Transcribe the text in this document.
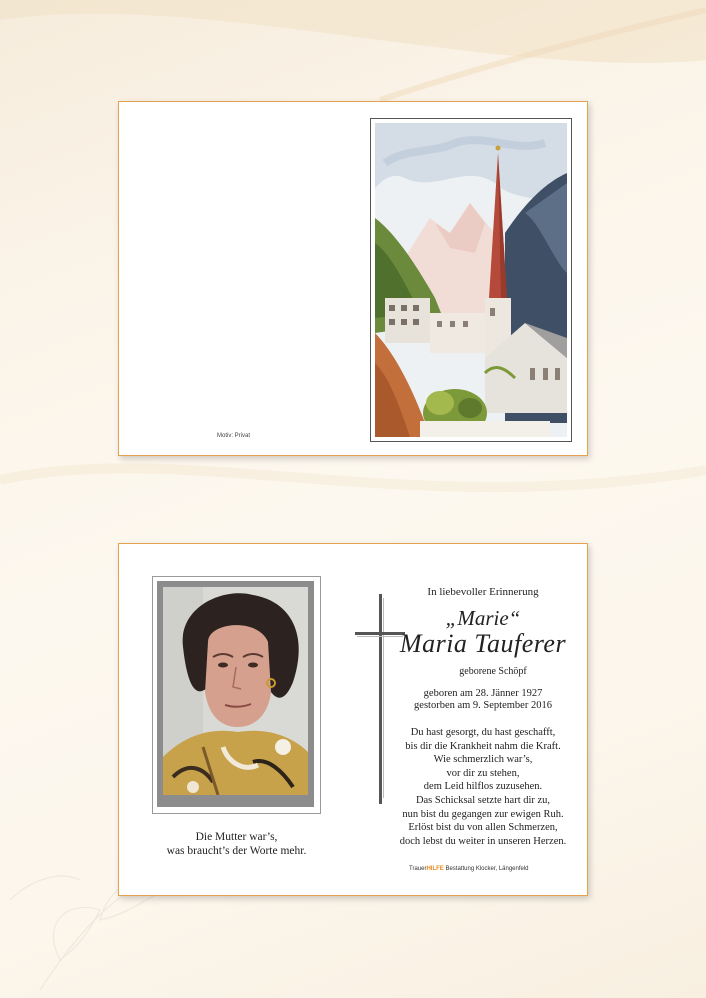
Motiv: Privat
Die Mutter war’s,
was braucht’s der Worte mehr.
In liebevoller Erinnerung
„Marie“
Maria Tauferer
geborene Schöpf
geboren am 28. Jänner 1927
gestorben am 9. September 2016
Du hast gesorgt, du hast geschafft,
bis dir die Krankheit nahm die Kraft.
Wie schmerzlich war’s,
vor dir zu stehen,
dem Leid hilflos zuzusehen.
Das Schicksal setzte hart dir zu,
nun bist du gegangen zur ewigen Ruh.
Erlöst bist du von allen Schmerzen,
doch lebst du weiter in unseren Herzen.
TrauerHILFE Bestattung Klocker, Längenfeld
